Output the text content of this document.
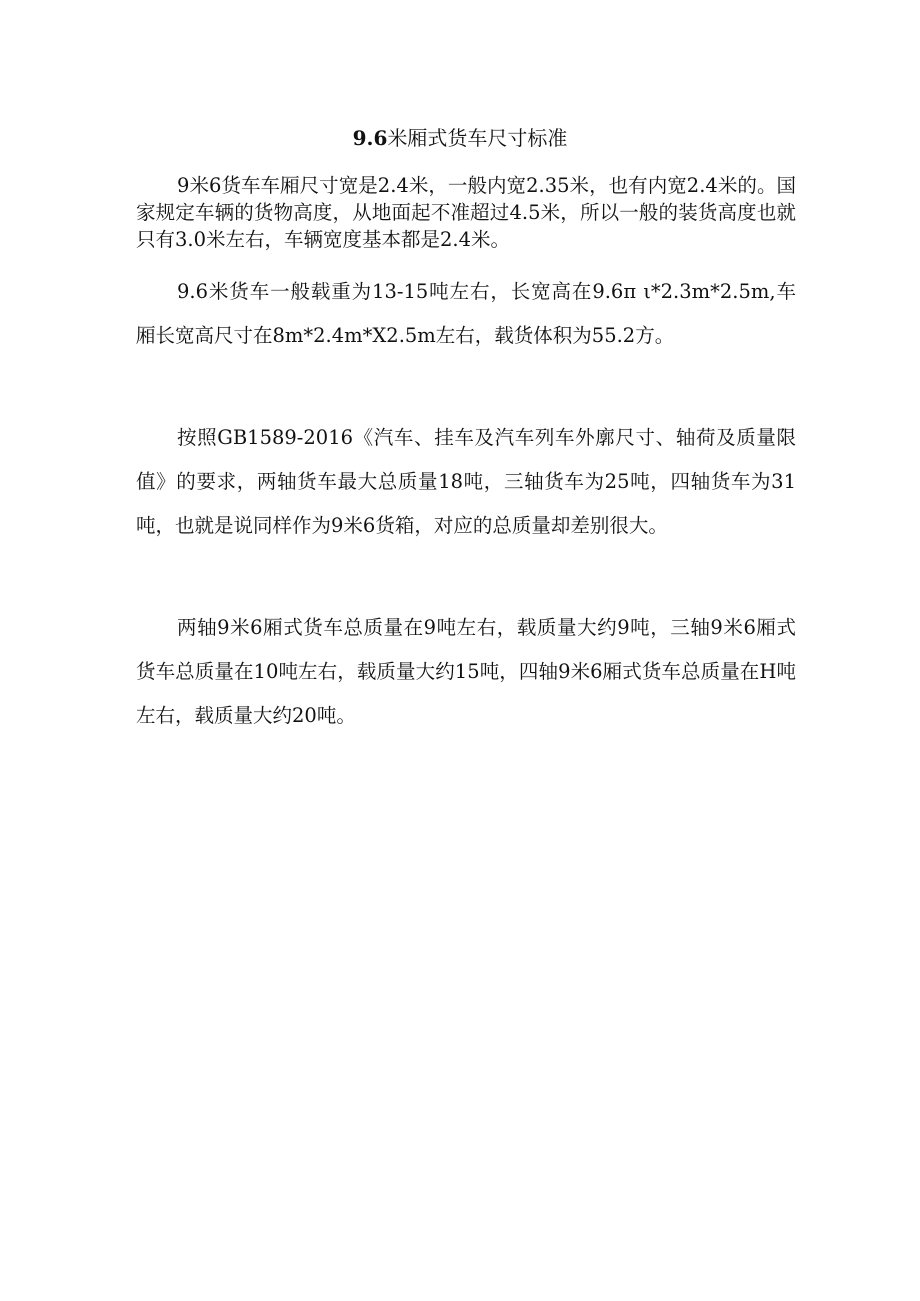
9.6米厢式货车尺寸标准

9米6货车车厢尺寸宽是2.4米，一般内宽2.35米，也有内宽2.4米的。国家规定车辆的货物高度，从地面起不准超过4.5米，所以一般的装货高度也就只有3.0米左右，车辆宽度基本都是2.4米。

9.6米货车一般载重为13-15吨左右，长宽高在9.6π ι*2.3m*2.5m,车厢长宽高尺寸在8m*2.4m*X2.5m左右，载货体积为55.2方。

按照GB1589-2016《汽车、挂车及汽车列车外廓尺寸、轴荷及质量限值》的要求，两轴货车最大总质量18吨，三轴货车为25吨，四轴货车为31吨，也就是说同样作为9米6货箱，对应的总质量却差别很大。

两轴9米6厢式货车总质量在9吨左右，载质量大约9吨，三轴9米6厢式货车总质量在10吨左右，载质量大约15吨，四轴9米6厢式货车总质量在H吨左右，载质量大约20吨。
